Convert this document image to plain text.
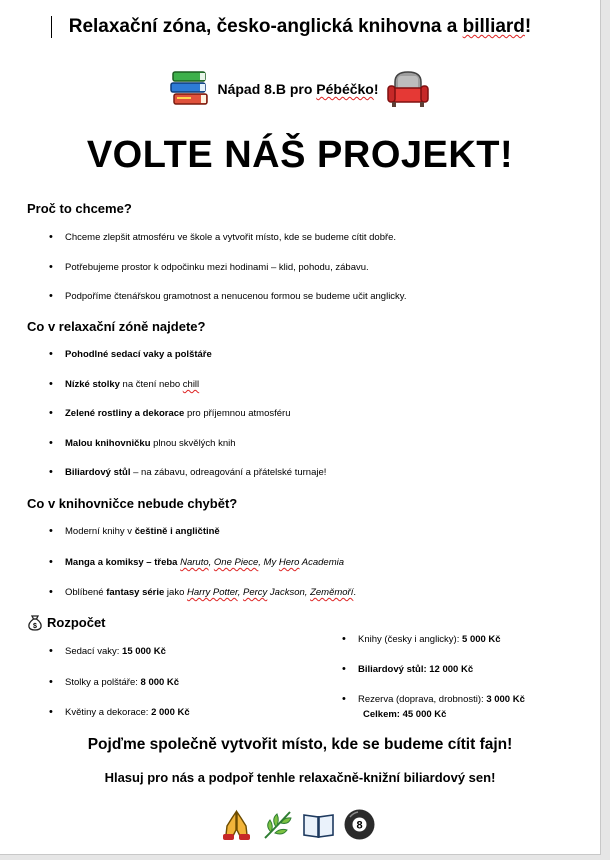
Relaxační zóna, česko-anglická knihovna a billiard!
Nápad 8.B pro Pébéčko!
VOLTE NÁŠ PROJEKT!
Proč to chceme?
• Chceme zlepšit atmosféru ve škole a vytvořit místo, kde se budeme cítit dobře.
• Potřebujeme prostor k odpočinku mezi hodinami – klid, pohodu, zábavu.
• Podpoříme čtenářskou gramotnost a nenucenou formou se budeme učit anglicky.
Co v relaxační zóně najdete?
• Pohodlné sedací vaky a polštáře
• Nízké stolky na čtení nebo chill
• Zelené rostliny a dekorace pro příjemnou atmosféru
• Malou knihovničku plnou skvělých knih
• Biliardový stůl – na zábavu, odreagování a přátelské turnaje!
Co v knihovničce nebude chybět?
• Moderní knihy v češtině i angličtině
• Manga a komiksy – třeba Naruto, One Piece, My Hero Academia
• Oblíbené fantasy série jako Harry Potter, Percy Jackson, Zeměmoří.
$ Rozpočet
• Sedací vaky: 15 000 Kč
• Stolky a polštáře: 8 000 Kč
• Květiny a dekorace: 2 000 Kč
• Knihy (česky i anglicky): 5 000 Kč
• Biliardový stůl: 12 000 Kč
• Rezerva (doprava, drobnosti): 3 000 Kč
Celkem: 45 000 Kč
Pojďme společně vytvořit místo, kde se budeme cítit fajn!
Hlasuj pro nás a podpoř tenhle relaxačně-knižní biliardový sen!
8
